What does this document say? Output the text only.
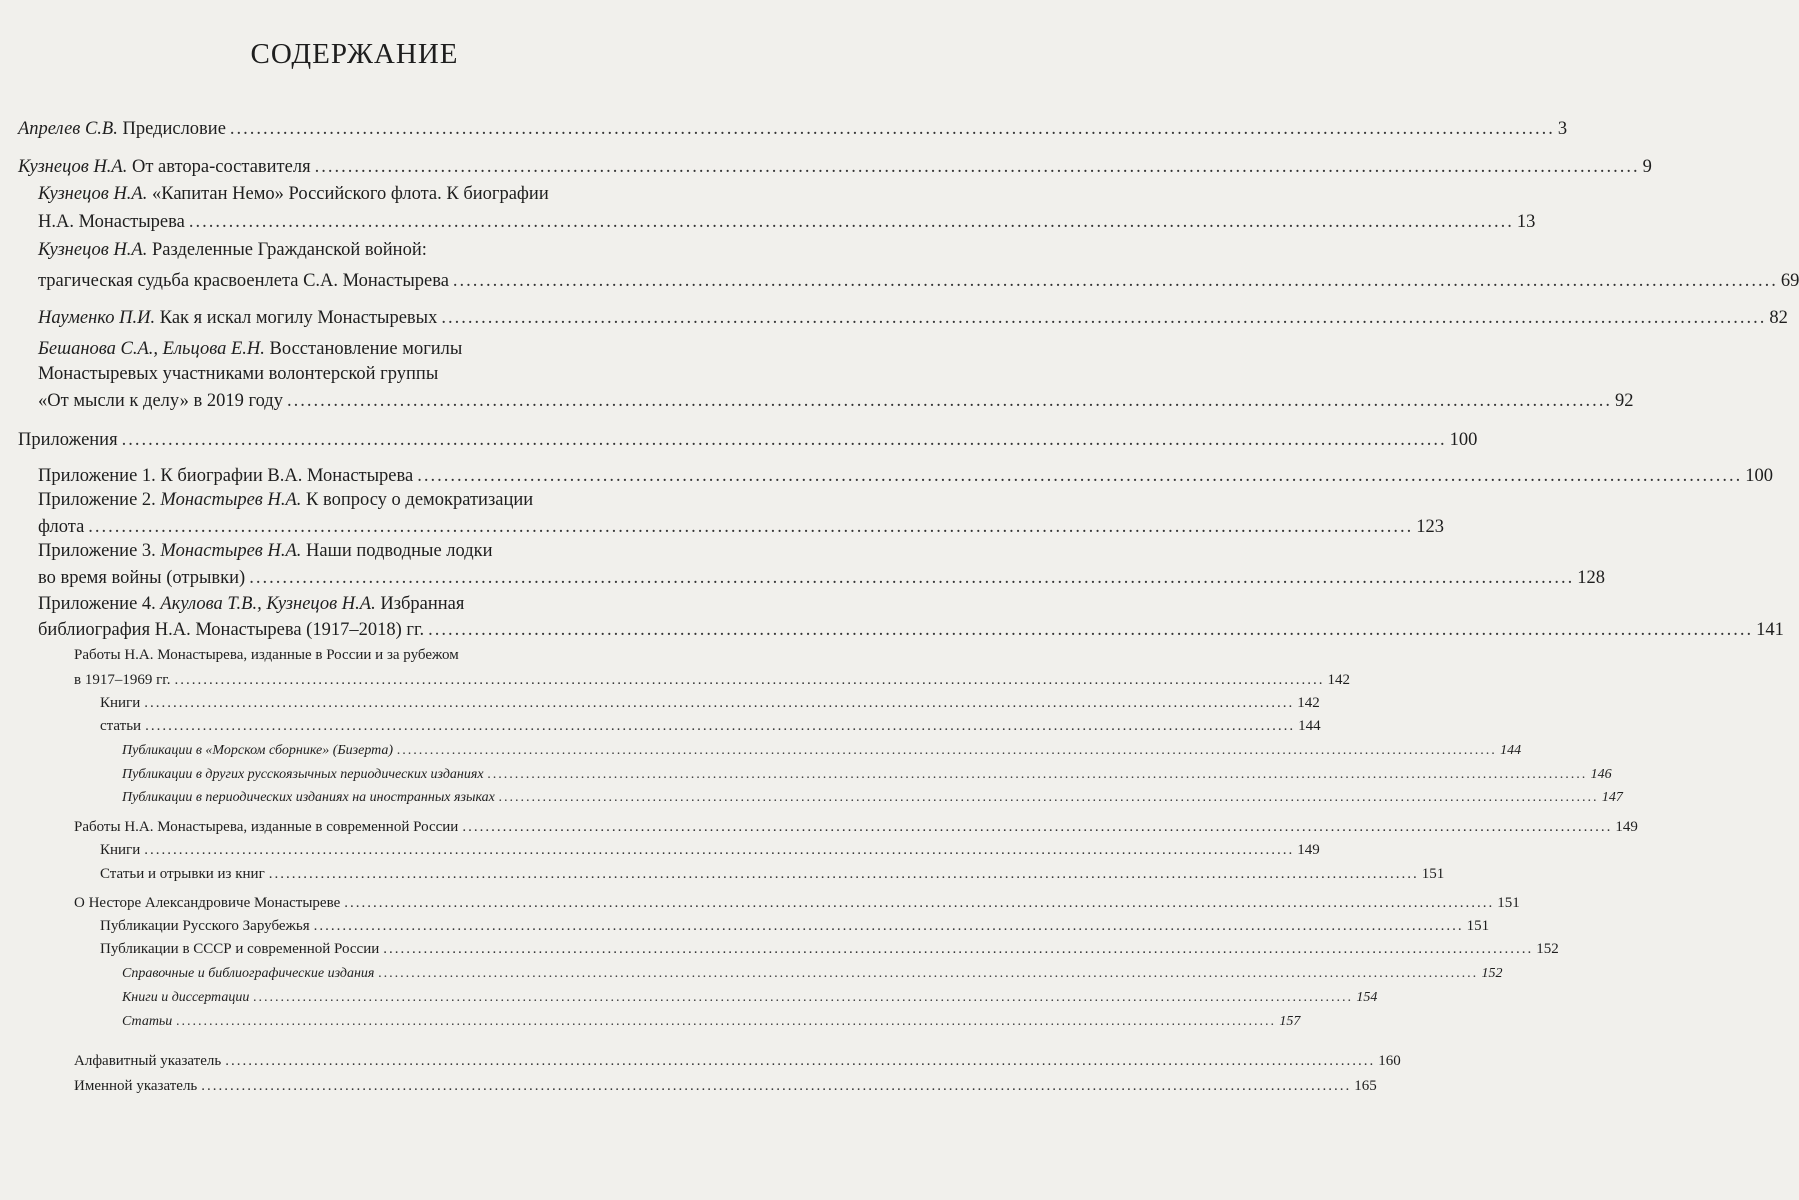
СОДЕРЖАНИЕ
Апрелев С.В. Предисловие ........................................................................................................................................................................................................ 3
Кузнецов Н.А. От автора-составителя ........................................................................................................................................................................................................ 9
Кузнецов Н.А. «Капитан Немо» Российского флота. К биографии
Н.А. Монастырева ........................................................................................................................................................................................................ 13
Кузнецов Н.А. Разделенные Гражданской войной:
трагическая судьба красвоенлета С.А. Монастырева ........................................................................................................................................................................................................ 69
Науменко П.И. Как я искал могилу Монастыревых ........................................................................................................................................................................................................ 82
Бешанова С.А., Ельцова Е.Н. Восстановление могилы
Монастыревых участниками волонтерской группы
«От мысли к делу» в 2019 году ........................................................................................................................................................................................................ 92
Приложения ........................................................................................................................................................................................................ 100
Приложение 1. К биографии В.А. Монастырева ........................................................................................................................................................................................................ 100
Приложение 2. Монастырев Н.А. К вопросу о демократизации
флота ........................................................................................................................................................................................................ 123
Приложение 3. Монастырев Н.А. Наши подводные лодки
во время войны (отрывки) ........................................................................................................................................................................................................ 128
Приложение 4. Акулова Т.В., Кузнецов Н.А. Избранная
библиография Н.А. Монастырева (1917–2018) гг. ........................................................................................................................................................................................................ 141
Работы Н.А. Монастырева, изданные в России и за рубежом
в 1917–1969 гг. ........................................................................................................................................................................................................ 142
Книги ........................................................................................................................................................................................................ 142
статьи ........................................................................................................................................................................................................ 144
Публикации в «Морском сборнике» (Бизерта) ........................................................................................................................................................................................................ 144
Публикации в других русскоязычных периодических изданиях ........................................................................................................................................................................................................ 146
Публикации в периодических изданиях на иностранных языках ........................................................................................................................................................................................................ 147
Работы Н.А. Монастырева, изданные в современной России ........................................................................................................................................................................................................ 149
Книги ........................................................................................................................................................................................................ 149
Статьи и отрывки из книг ........................................................................................................................................................................................................ 151
О Несторе Александровиче Монастыреве ........................................................................................................................................................................................................ 151
Публикации Русского Зарубежья ........................................................................................................................................................................................................ 151
Публикации в СССР и современной России ........................................................................................................................................................................................................ 152
Справочные и библиографические издания ........................................................................................................................................................................................................ 152
Книги и диссертации ........................................................................................................................................................................................................ 154
Статьи ........................................................................................................................................................................................................ 157
Алфавитный указатель ........................................................................................................................................................................................................ 160
Именной указатель ........................................................................................................................................................................................................ 165
